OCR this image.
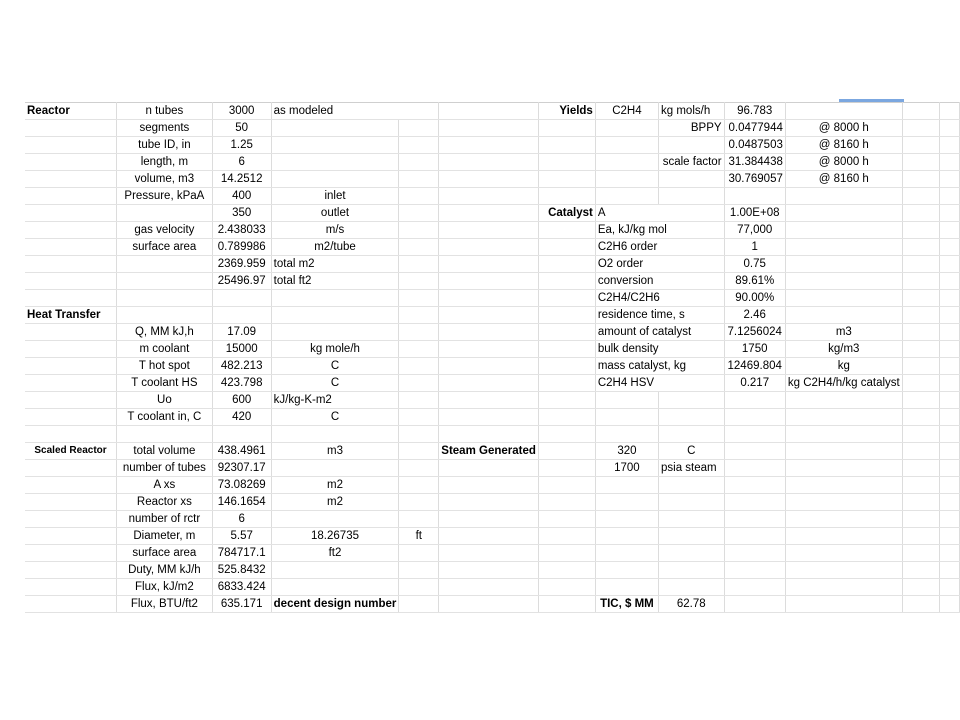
Reactor	n tubes	3000	as modeled			Yields	C2H4	kg mols/h	96.783			
	segments	50						BPPY	0.0477944	@ 8000 h		
	tube ID, in	1.25							0.0487503	@ 8160 h		
	length, m	6						scale factor	31.384438	@ 8000 h		
	volume, m3	14.2512							30.769057	@ 8160 h		
	Pressure, kPaA	400	inlet									
		350	outlet			Catalyst	A		1.00E+08			
	gas velocity	2.438033	m/s				Ea, kJ/kg mol		77,000			
	surface area	0.789986	m2/tube				C2H6 order		1			
		2369.959	total m2				O2 order		0.75			
		25496.97	total ft2				conversion		89.61%			
							C2H4/C2H6		90.00%			
Heat Transfer							residence time, s		2.46			
	Q, MM kJ,h	17.09					amount of catalyst		7.1256024	m3		
	m coolant	15000	kg mole/h				bulk density		1750	kg/m3		
	T hot spot	482.213	C				mass catalyst, kg		12469.804	kg		
	T coolant HS	423.798	C				C2H4 HSV		0.217	kg C2H4/h/kg catalyst		
	Uo	600	kJ/kg-K-m2									
	T coolant in, C	420	C									

Scaled Reactor	total volume	438.4961	m3		Steam Generated		320	C				
	number of tubes	92307.17					1700	psia steam				
	A xs	73.08269	m2									
	Reactor xs	146.1654	m2									
	number of rctr	6										
	Diameter, m	5.57	18.26735	ft								
	surface area	784717.1	ft2									
	Duty, MM kJ/h	525.8432										
	Flux, kJ/m2	6833.424										
	Flux, BTU/ft2	635.171	decent design number				TIC, $ MM	62.78				
